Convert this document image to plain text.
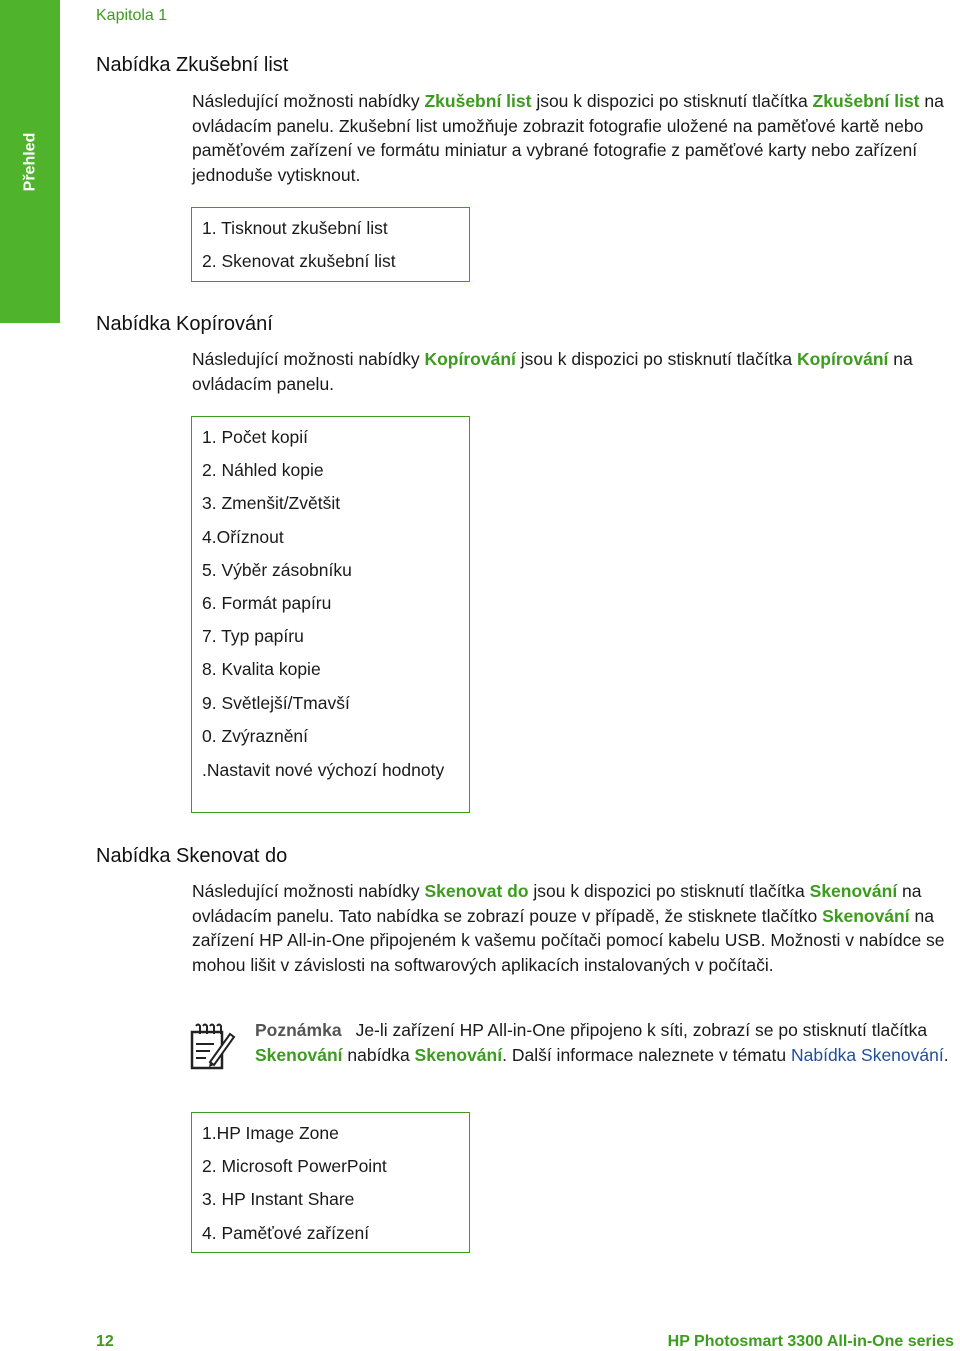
Přehled
Kapitola 1
Nabídka Zkušební list
Následující možnosti nabídky Zkušební list jsou k dispozici po stisknutí tlačítka Zkušební list na ovládacím panelu. Zkušební list umožňuje zobrazit fotografie uložené na paměťové kartě nebo paměťovém zařízení ve formátu miniatur a vybrané fotografie z paměťové karty nebo zařízení jednoduše vytisknout.
1. Tisknout zkušební list
2. Skenovat zkušební list
Nabídka Kopírování
Následující možnosti nabídky Kopírování jsou k dispozici po stisknutí tlačítka Kopírování na ovládacím panelu.
1. Počet kopií
2. Náhled kopie
3. Zmenšit/Zvětšit
4.Oříznout
5. Výběr zásobníku
6. Formát papíru
7. Typ papíru
8. Kvalita kopie
9. Světlejší/Tmavší
0. Zvýraznění
.Nastavit nové výchozí hodnoty
Nabídka Skenovat do
Následující možnosti nabídky Skenovat do jsou k dispozici po stisknutí tlačítka Skenování na ovládacím panelu. Tato nabídka se zobrazí pouze v případě, že stisknete tlačítko Skenování na zařízení HP All-in-One připojeném k vašemu počítači pomocí kabelu USB. Možnosti v nabídce se mohou lišit v závislosti na softwarových aplikacích instalovaných v počítači.
Poznámka Je-li zařízení HP All-in-One připojeno k síti, zobrazí se po stisknutí tlačítka Skenování nabídka Skenování. Další informace naleznete v tématu Nabídka Skenování.
1.HP Image Zone
2. Microsoft PowerPoint
3. HP Instant Share
4. Paměťové zařízení
12	HP Photosmart 3300 All-in-One series
